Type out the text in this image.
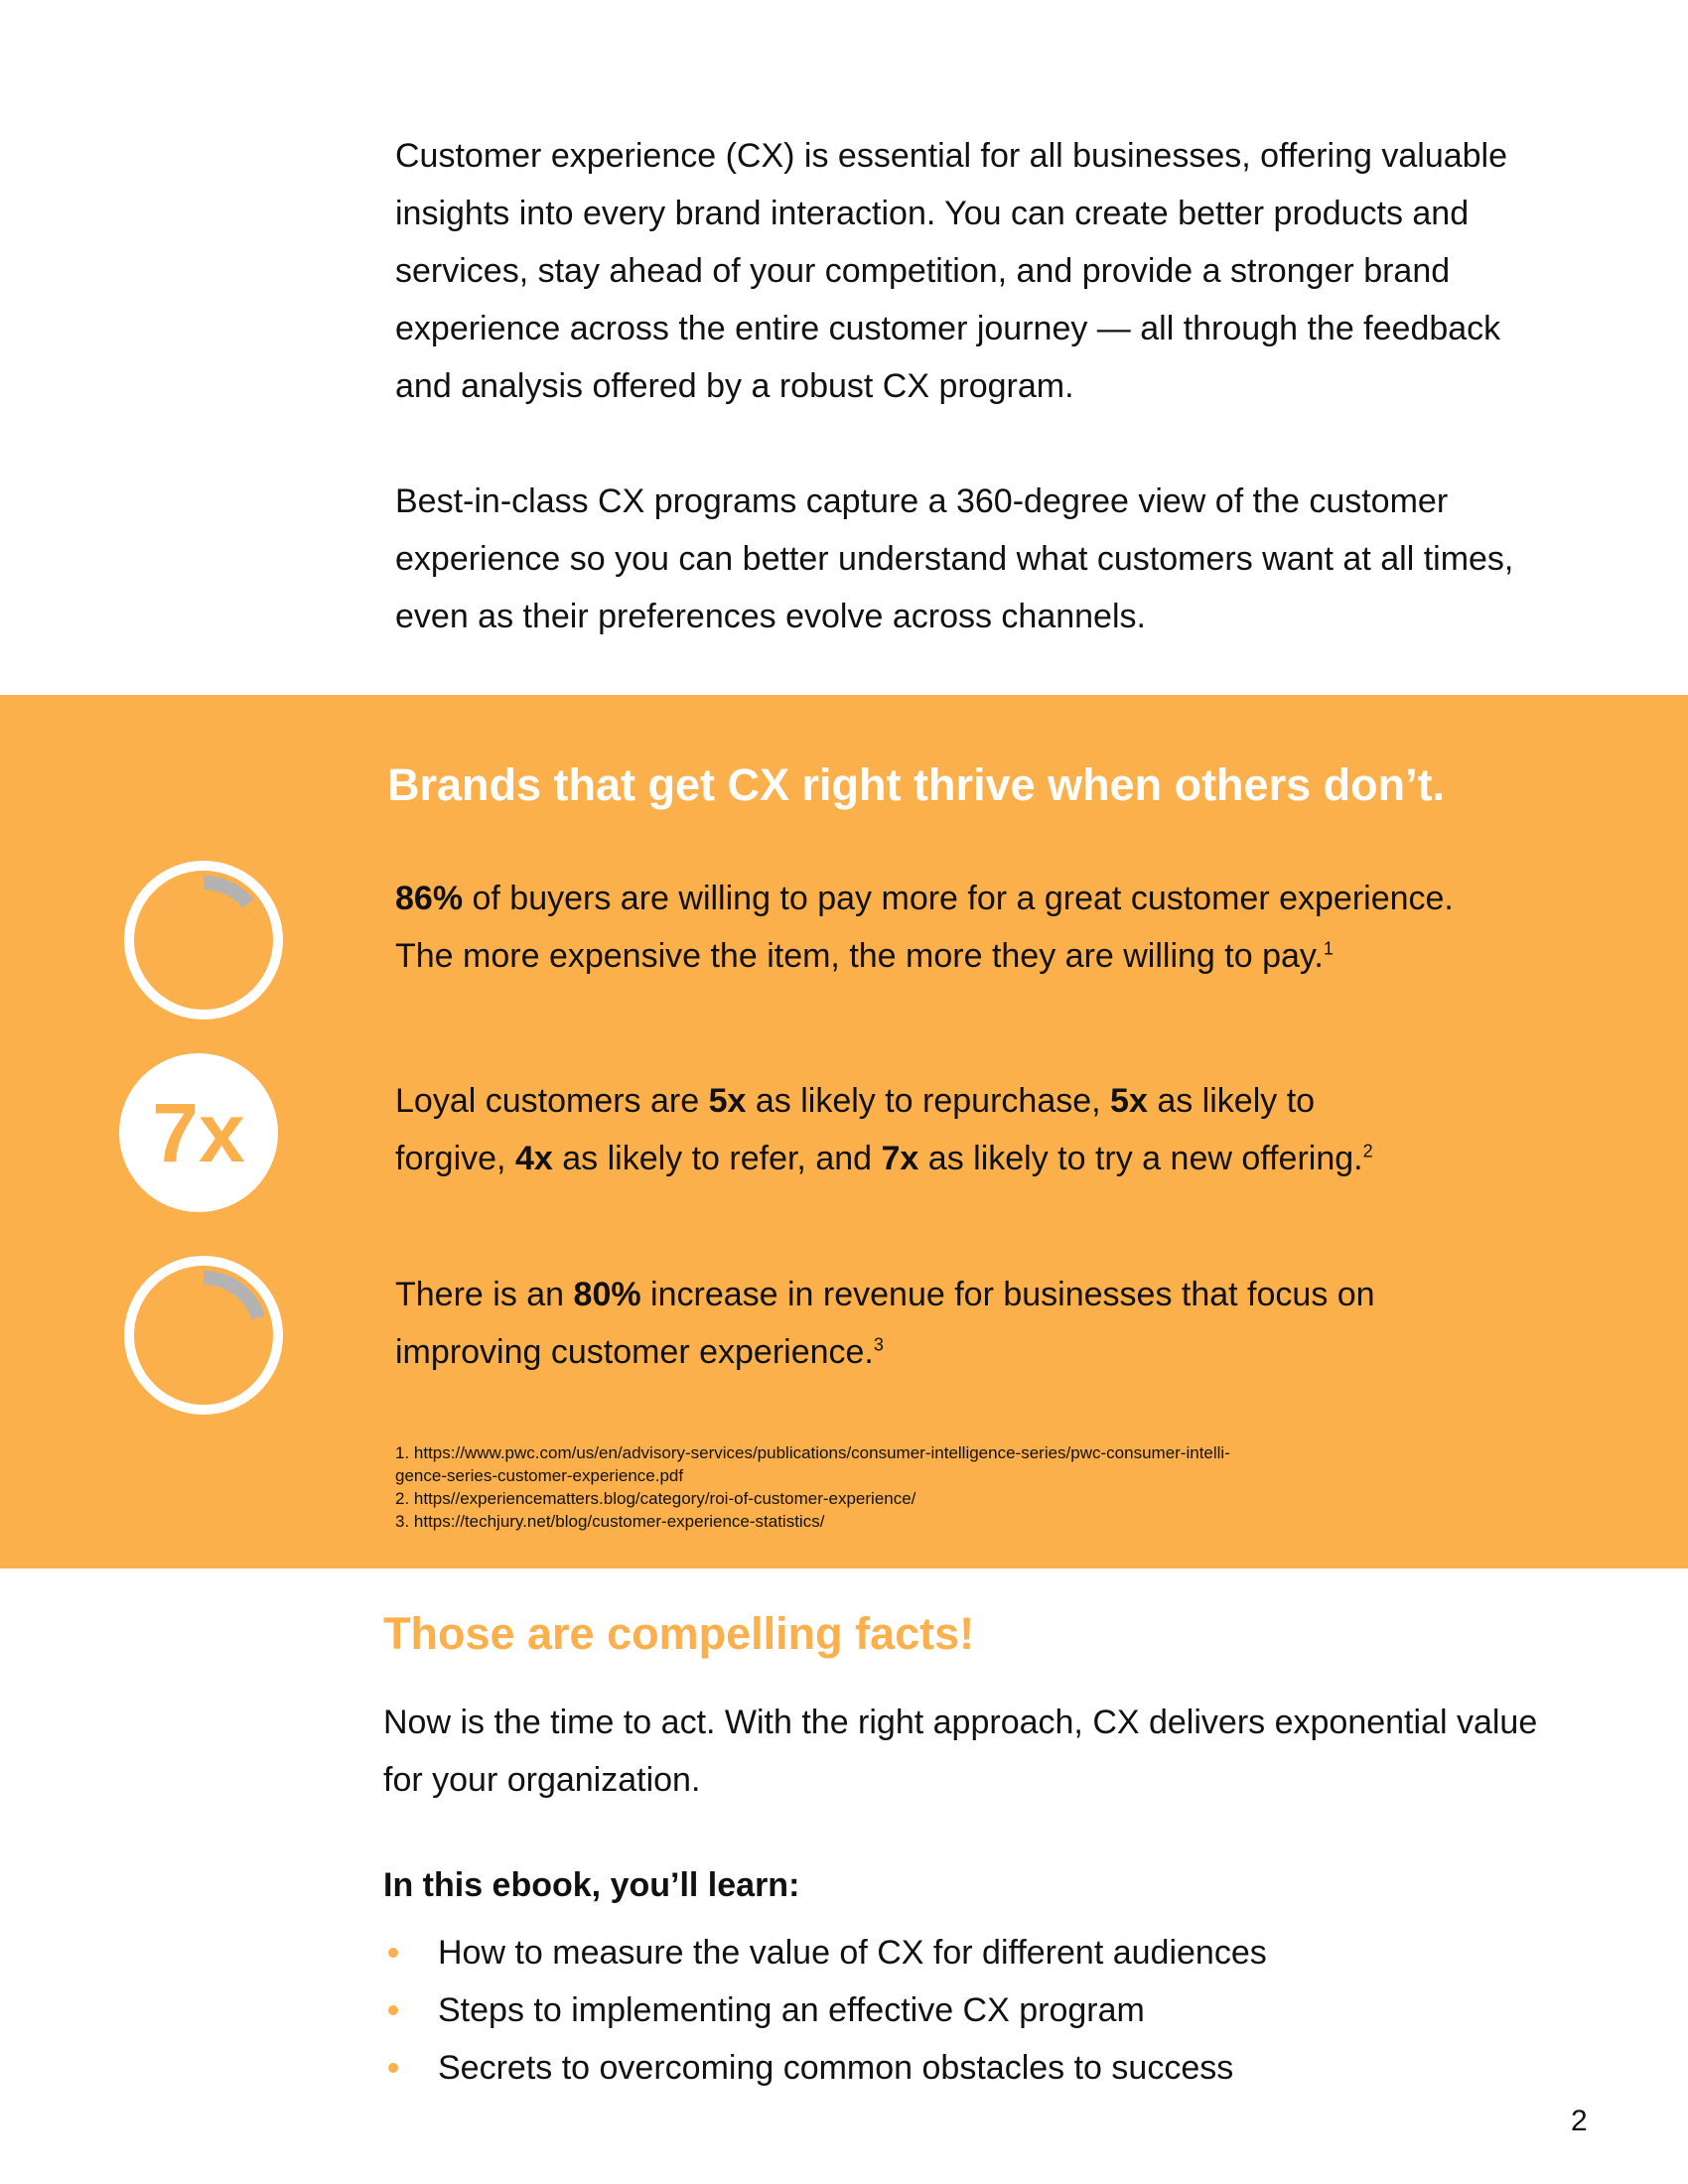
Customer experience (CX) is essential for all businesses, offering valuable
insights into every brand interaction. You can create better products and
services, stay ahead of your competition, and provide a stronger brand
experience across the entire customer journey — all through the feedback
and analysis offered by a robust CX program.

Best-in-class CX programs capture a 360-degree view of the customer
experience so you can better understand what customers want at all times,
even as their preferences evolve across channels.

Brands that get CX right thrive when others don’t.
86%
86% of buyers are willing to pay more for a great customer experience.
The more expensive the item, the more they are willing to pay.$^1$
7x	Loyal customers are 5x as likely to repurchase, 5x as likely to
forgive, 4x as likely to refer, and 7x as likely to try a new offering.$^2$
80%
There is an 80% increase in revenue for businesses that focus on
improving customer experience.$^3$
1. https://www.pwc.com/us/en/advisory-services/publications/consumer-intelligence-series/pwc-consumer-intelli-
gence-series-customer-experience.pdf
2. https//experiencematters.blog/category/roi-of-customer-experience/
3. https://techjury.net/blog/customer-experience-statistics/
Those are compelling facts!

Now is the time to act. With the right approach, CX delivers exponential value
for your organization.

In this ebook, you’ll learn:
How to measure the value of CX for different audiences
Steps to implementing an effective CX program
Secrets to overcoming common obstacles to success
2
